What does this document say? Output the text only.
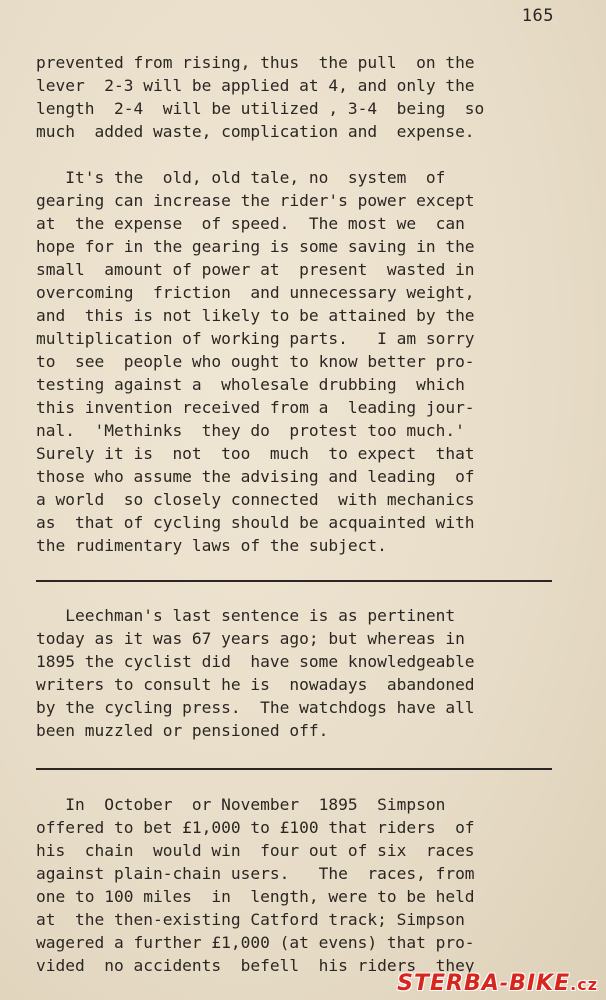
165
prevented from rising, thus  the pull  on the
lever  2-3 will be applied at 4, and only the
length  2-4  will be utilized , 3-4  being  so
much  added waste, complication and  expense.
It's the  old, old tale, no  system  of
gearing can increase the rider's power except
at  the expense  of speed.  The most we  can
hope for in the gearing is some saving in the
small  amount of power at  present  wasted in
overcoming  friction  and unnecessary weight,
and  this is not likely to be attained by the
multiplication of working parts.   I am sorry
to  see  people who ought to know better pro-
testing against a  wholesale drubbing  which
this invention received from a  leading jour-
nal.  'Methinks  they do  protest too much.'
Surely it is  not  too  much  to expect  that
those who assume the advising and leading  of
a world  so closely connected  with mechanics
as  that of cycling should be acquainted with
the rudimentary laws of the subject.
Leechman's last sentence is as pertinent
today as it was 67 years ago; but whereas in
1895 the cyclist did  have some knowledgeable
writers to consult he is  nowadays  abandoned
by the cycling press.  The watchdogs have all
been muzzled or pensioned off.
In  October  or November  1895  Simpson
offered to bet £1,000 to £100 that riders  of
his  chain  would win  four out of six  races
against plain-chain users.   The  races, from
one to 100 miles  in  length, were to be held
at  the then-existing Catford track; Simpson
wagered a further £1,000 (at evens) that pro-
vided  no accidents  befell  his riders  they
STERBA-BIKE.cz
